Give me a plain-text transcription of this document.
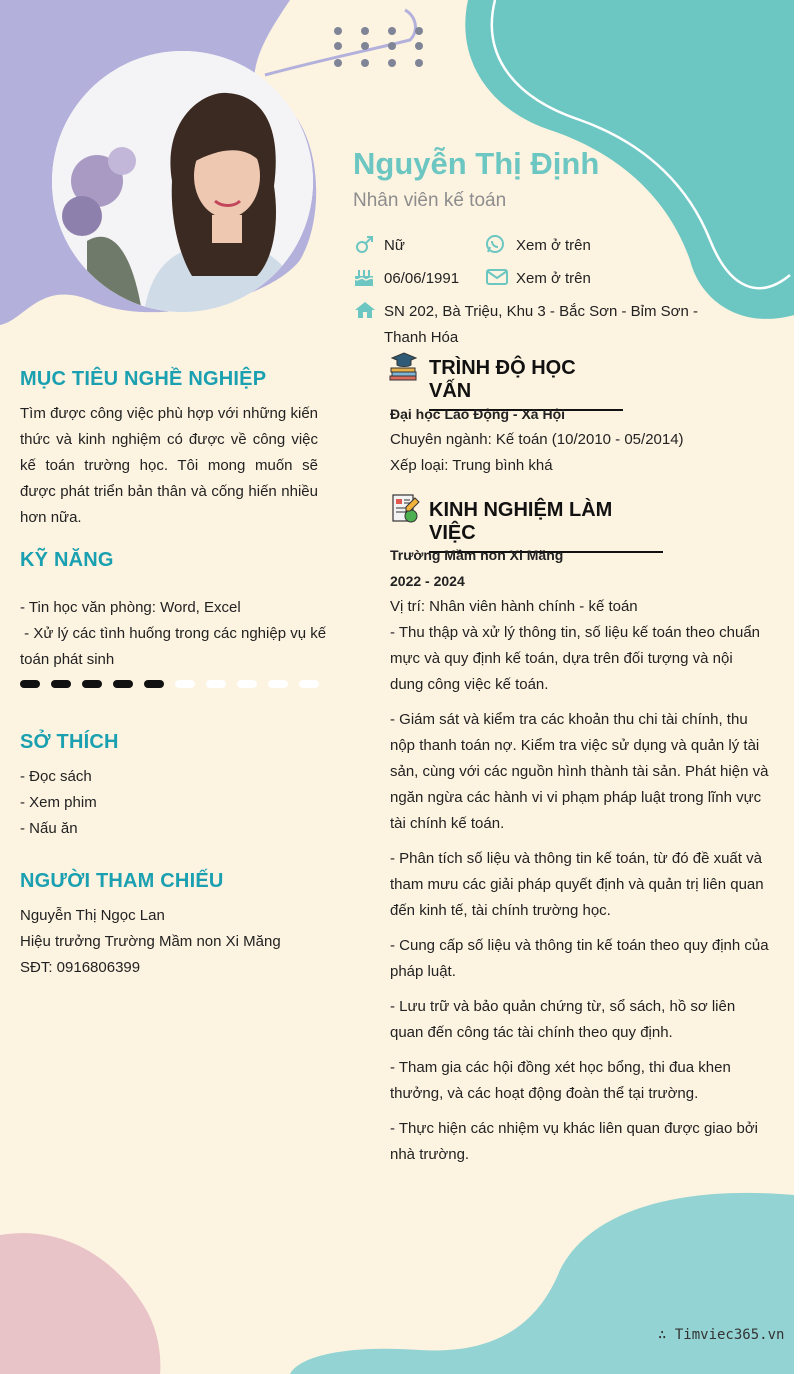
Nguyễn Thị Định
Nhân viên kế toán
Nữ	Xem ở trên
06/06/1991	Xem ở trên
SN 202, Bà Triệu, Khu 3 - Bắc Sơn - Bỉm Sơn -
Thanh Hóa
MỤC TIÊU NGHỀ NGHIỆP
Tìm được công việc phù hợp với những kiến thức và kinh nghiệm có được về công việc kế toán trường học. Tôi mong muốn sẽ được phát triển bản thân và cống hiến nhiều hơn nữa.
KỸ NĂNG
- Tin học văn phòng: Word, Excel
- Xử lý các tình huống trong các nghiệp vụ kế toán phát sinh
SỞ THÍCH
- Đọc sách
- Xem phim
- Nấu ăn
NGƯỜI THAM CHIẾU
Nguyễn Thị Ngọc Lan
Hiệu trưởng Trường Mầm non Xi Măng
SĐT: 0916806399
TRÌNH ĐỘ HỌC VẤN
Đại học Lao Động - Xã Hội
Chuyên ngành: Kế toán (10/2010 - 05/2014)
Xếp loại: Trung bình khá
KINH NGHIỆM LÀM VIỆC
Trường Mầm non Xi Măng
2022 - 2024
Vị trí: Nhân viên hành chính - kế toán
- Thu thập và xử lý thông tin, số liệu kế toán theo chuẩn mực và quy định kế toán, dựa trên đối tượng và nội dung công việc kế toán.
- Giám sát và kiểm tra các khoản thu chi tài chính, thu nộp thanh toán nợ. Kiểm tra việc sử dụng và quản lý tài sản, cùng với các nguồn hình thành tài sản. Phát hiện và ngăn ngừa các hành vi vi phạm pháp luật trong lĩnh vực tài chính kế toán.
- Phân tích số liệu và thông tin kế toán, từ đó đề xuất và tham mưu các giải pháp quyết định và quản trị liên quan đến kinh tế, tài chính trường học.
- Cung cấp số liệu và thông tin kế toán theo quy định của pháp luật.
- Lưu trữ và bảo quản chứng từ, sổ sách, hồ sơ liên quan đến công tác tài chính theo quy định.
- Tham gia các hội đồng xét học bổng, thi đua khen thưởng, và các hoạt động đoàn thể tại trường.
- Thực hiện các nhiệm vụ khác liên quan được giao bởi nhà trường.
∴ Timviec365.vn
